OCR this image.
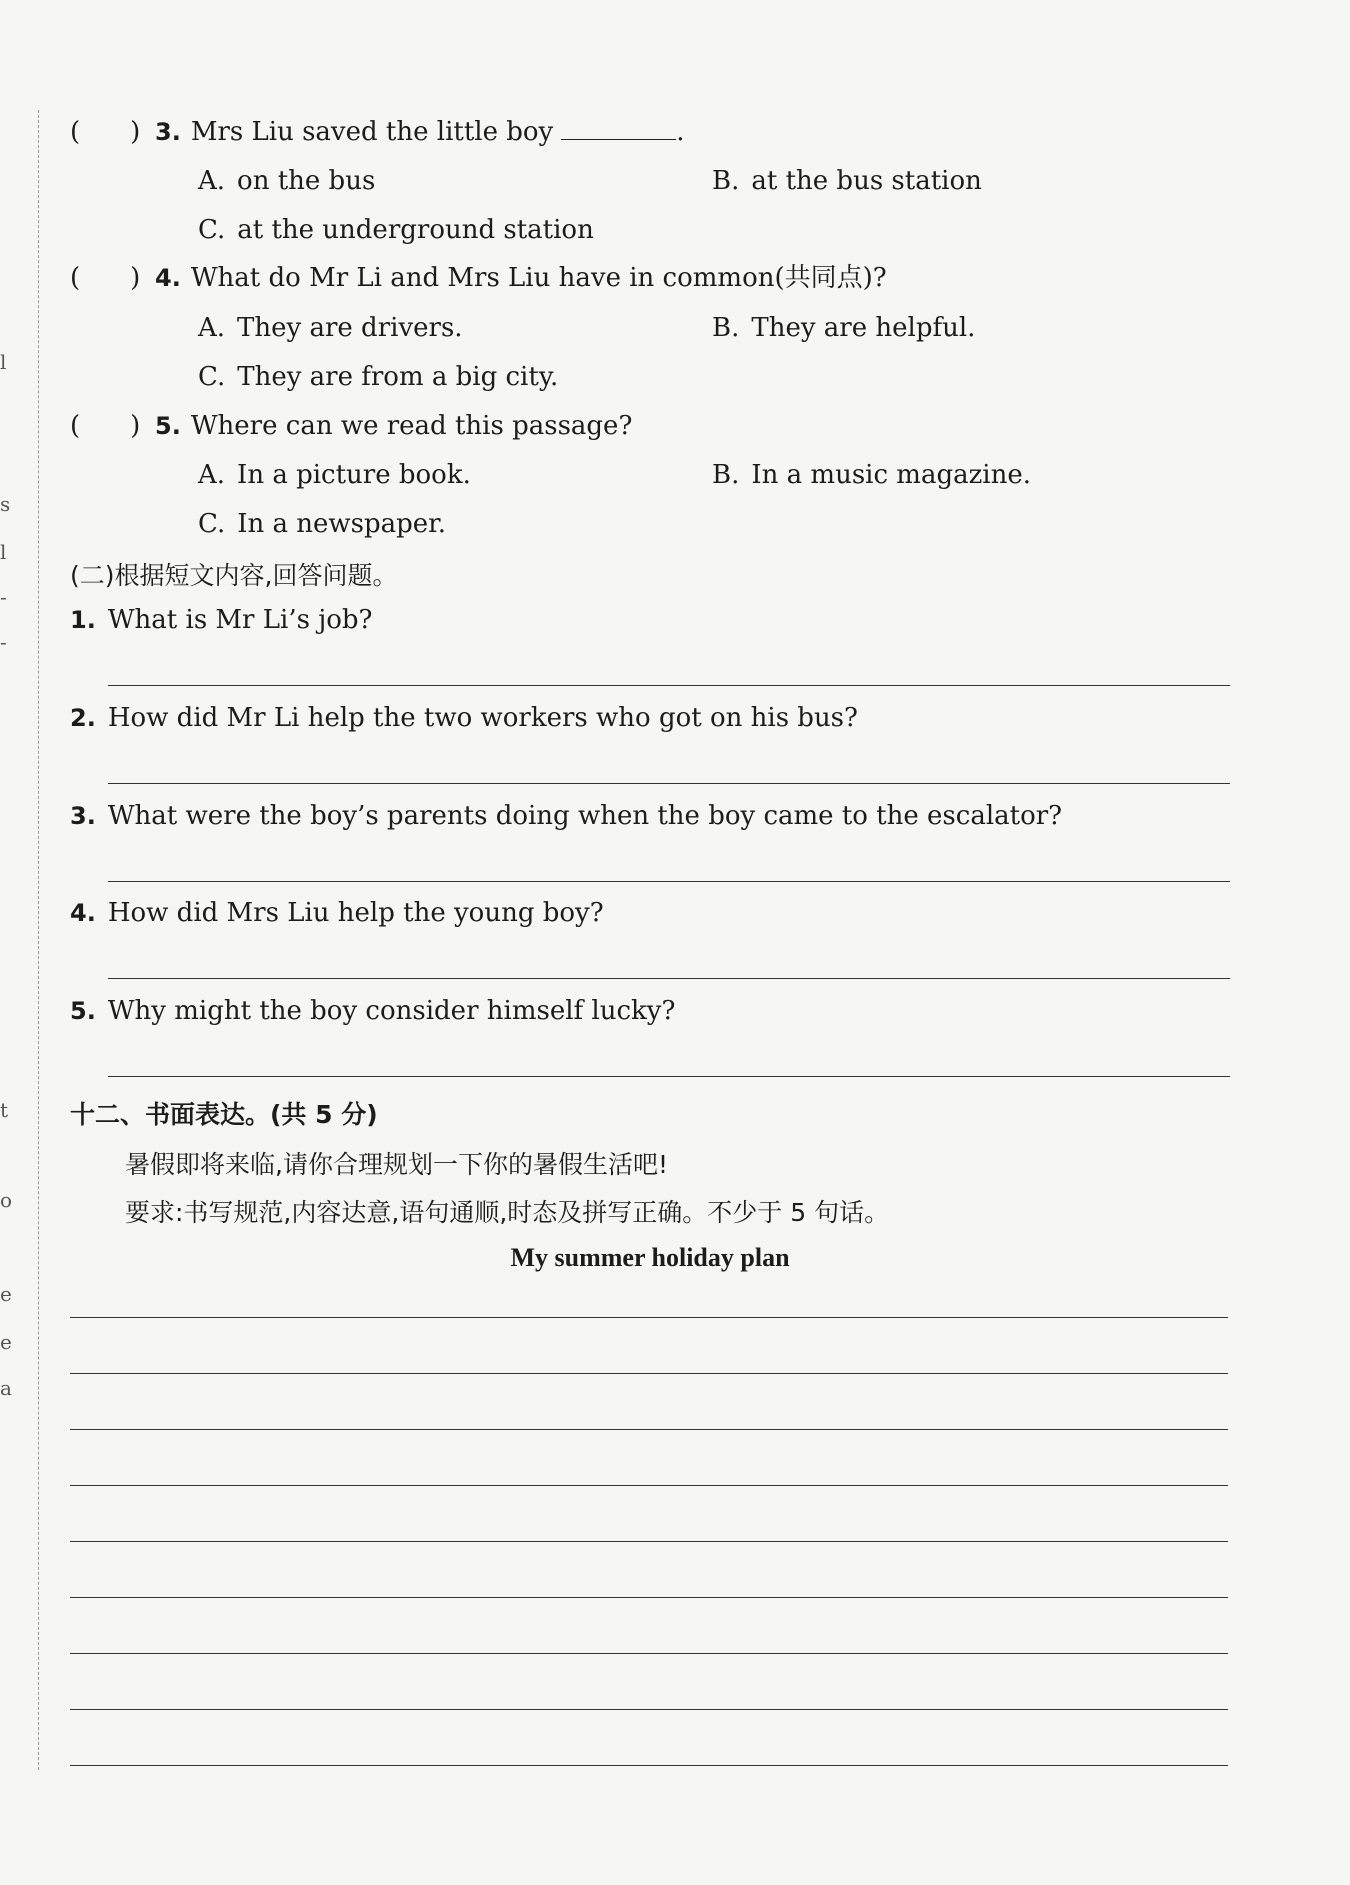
l
s
l
-
-
t
o
e
e
a
( ) 3. Mrs Liu saved the little boy	.
A. on the bus	B. at the bus station
C. at the underground station
( ) 4. What do Mr Li and Mrs Liu have in common(共同点)?
A. They are drivers.	B. They are helpful.
C. They are from a big city.
( ) 5. Where can we read this passage?
A. In a picture book.	B. In a music magazine.
C. In a newspaper.
(二)根据短文内容,回答问题。
1. What is Mr Li’s job?
2. How did Mr Li help the two workers who got on his bus?
3. What were the boy’s parents doing when the boy came to the escalator?
4. How did Mrs Liu help the young boy?
5. Why might the boy consider himself lucky?
十二、书面表达。(共 5 分)
暑假即将来临,请你合理规划一下你的暑假生活吧!
要求:书写规范,内容达意,语句通顺,时态及拼写正确。不少于 5 句话。
My summer holiday plan
